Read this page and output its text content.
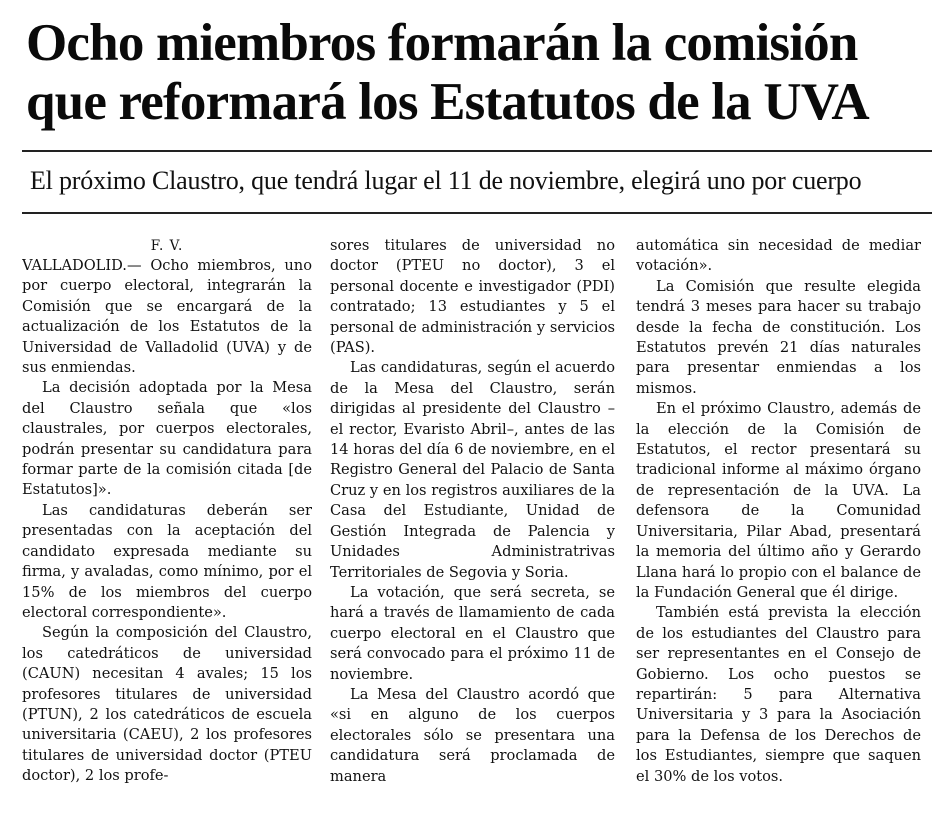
Ocho miembros formarán la comisión
que reformará los Estatutos de la UVA

El próximo Claustro, que tendrá lugar el 11 de noviembre, elegirá uno por cuerpo

F. V.

VALLADOLID.— Ocho miembros, uno por cuerpo electoral, integrarán la Comisión que se encargará de la actualización de los Estatutos de la Universidad de Valladolid (UVA) y de sus enmiendas.

La decisión adoptada por la Mesa del Claustro señala que «los claustrales, por cuerpos electorales, podrán presentar su candidatura para formar parte de la comisión citada [de Estatutos]».

Las candidaturas deberán ser presentadas con la aceptación del candidato expresada mediante su firma, y avaladas, como mínimo, por el 15% de los miembros del cuerpo electoral correspondiente».

Según la composición del Claustro, los catedráticos de universidad (CAUN) necesitan 4 avales; 15 los profesores titulares de universidad (PTUN), 2 los catedráticos de escuela universitaria (CAEU), 2 los profesores titulares de universidad doctor (PTEU doctor), 2 los profe-

sores titulares de universidad no doctor (PTEU no doctor), 3 el personal docente e investigador (PDI) contratado; 13 estudiantes y 5 el personal de administración y servicios (PAS).

Las candidaturas, según el acuerdo de la Mesa del Claustro, serán dirigidas al presidente del Claustro –el rector, Evaristo Abril–, antes de las 14 horas del día 6 de noviembre, en el Registro General del Palacio de Santa Cruz y en los registros auxiliares de la Casa del Estudiante, Unidad de Gestión Integrada de Palencia y Unidades Administratrivas Territoriales de Segovia y Soria.

La votación, que será secreta, se hará a través de llamamiento de cada cuerpo electoral en el Claustro que será convocado para el próximo 11 de noviembre.

La Mesa del Claustro acordó que «si en alguno de los cuerpos electorales sólo se presentara una candidatura será proclamada de manera

automática sin necesidad de mediar votación».

La Comisión que resulte elegida tendrá 3 meses para hacer su trabajo desde la fecha de constitución. Los Estatutos prevén 21 días naturales para presentar enmiendas a los mismos.

En el próximo Claustro, además de la elección de la Comisión de Estatutos, el rector presentará su tradicional informe al máximo órgano de representación de la UVA. La defensora de la Comunidad Universitaria, Pilar Abad, presentará la memoria del último año y Gerardo Llana hará lo propio con el balance de la Fundación General que él dirige.

También está prevista la elección de los estudiantes del Claustro para ser representantes en el Consejo de Gobierno. Los ocho puestos se repartirán: 5 para Alternativa Universitaria y 3 para la Asociación para la Defensa de los Derechos de los Estudiantes, siempre que saquen el 30% de los votos.
